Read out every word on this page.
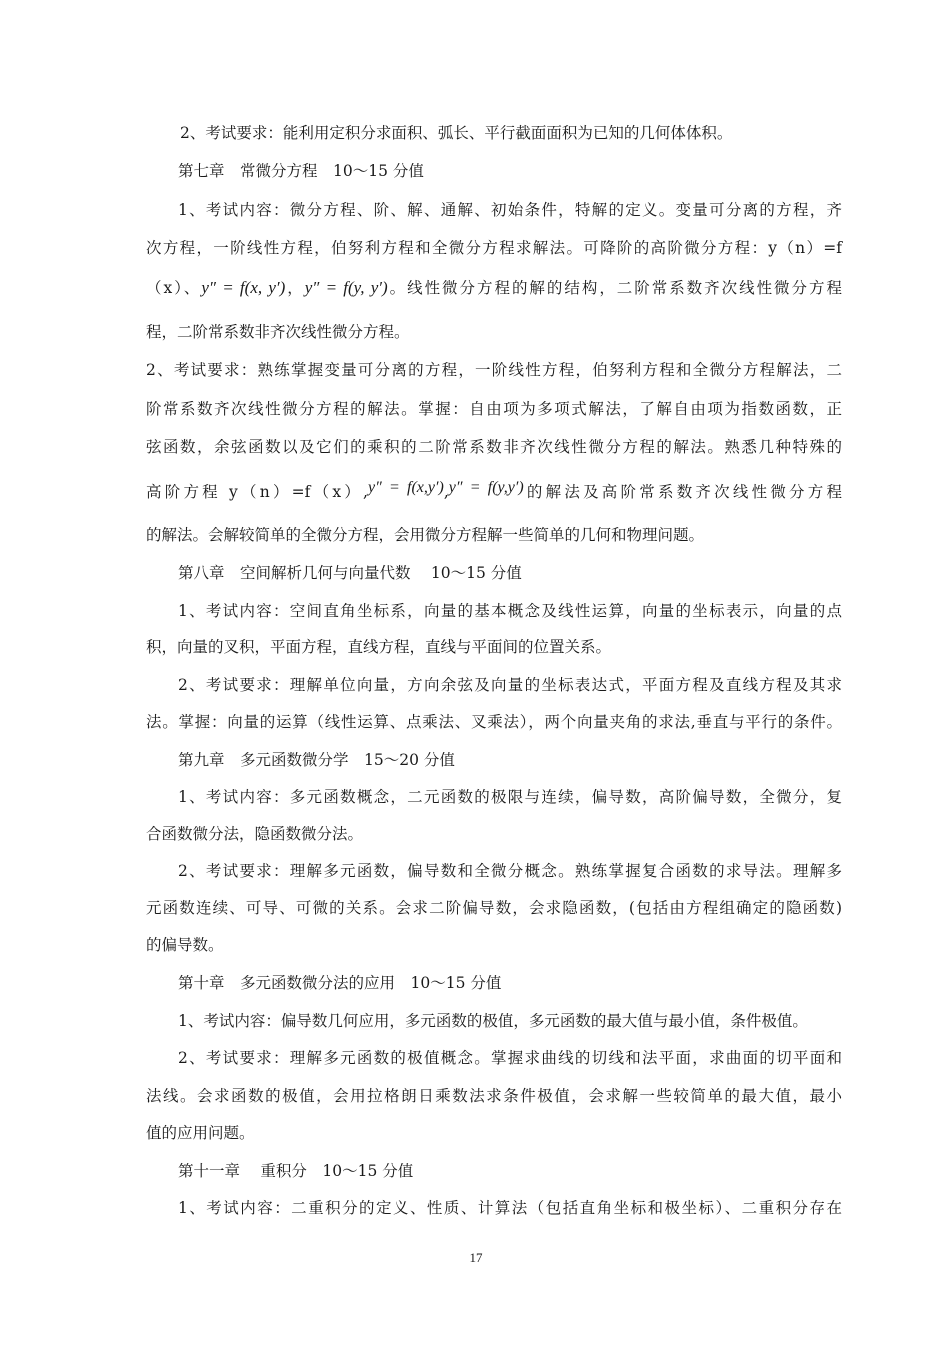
2、考试要求：能利用定积分求面积、弧长、平行截面面积为已知的几何体体积。
第七章　常微分方程　10～15 分值
1、考试内容：微分方程、阶、解、通解、初始条件，特解的定义。变量可分离的方程，齐
次方程，一阶线性方程，伯努利方程和全微分方程求解法。可降阶的高阶微分方程：y（n）=f
（x）、y″ = f(x, y′)，y″ = f(y, y′)。线性微分方程的解的结构，二阶常系数齐次线性微分方程
程，二阶常系数非齐次线性微分方程。
2、考试要求：熟练掌握变量可分离的方程，一阶线性方程，伯努利方程和全微分方程解法，二
阶常系数齐次线性微分方程的解法。掌握：自由项为多项式解法，了解自由项为指数函数，正
弦函数，余弦函数以及它们的乘积的二阶常系数非齐次线性微分方程的解法。熟悉几种特殊的
高阶方程 y（n）=f（x）,y″ = f(x,y′),y″ = f(y,y′)的解法及高阶常系数齐次线性微分方程
的解法。会解较简单的全微分方程，会用微分方程解一些简单的几何和物理问题。
第八章　空间解析几何与向量代数　 10～15 分值
1、考试内容：空间直角坐标系，向量的基本概念及线性运算，向量的坐标表示，向量的点
积，向量的叉积，平面方程，直线方程，直线与平面间的位置关系。
2、考试要求：理解单位向量，方向余弦及向量的坐标表达式，平面方程及直线方程及其求
法。掌握：向量的运算（线性运算、点乘法、叉乘法），两个向量夹角的求法,垂直与平行的条件。
第九章　多元函数微分学　15～20 分值
1、考试内容：多元函数概念，二元函数的极限与连续，偏导数，高阶偏导数，全微分，复
合函数微分法，隐函数微分法。
2、考试要求：理解多元函数，偏导数和全微分概念。熟练掌握复合函数的求导法。理解多
元函数连续、可导、可微的关系。会求二阶偏导数，会求隐函数，(包括由方程组确定的隐函数)
的偏导数。
第十章　多元函数微分法的应用　10～15 分值
1、考试内容：偏导数几何应用，多元函数的极值，多元函数的最大值与最小值，条件极值。
2、考试要求：理解多元函数的极值概念。掌握求曲线的切线和法平面，求曲面的切平面和
法线。会求函数的极值，会用拉格朗日乘数法求条件极值，会求解一些较简单的最大值，最小
值的应用问题。
第十一章　 重积分　10～15 分值
1、考试内容：二重积分的定义、性质、计算法（包括直角坐标和极坐标）、二重积分存在
17
